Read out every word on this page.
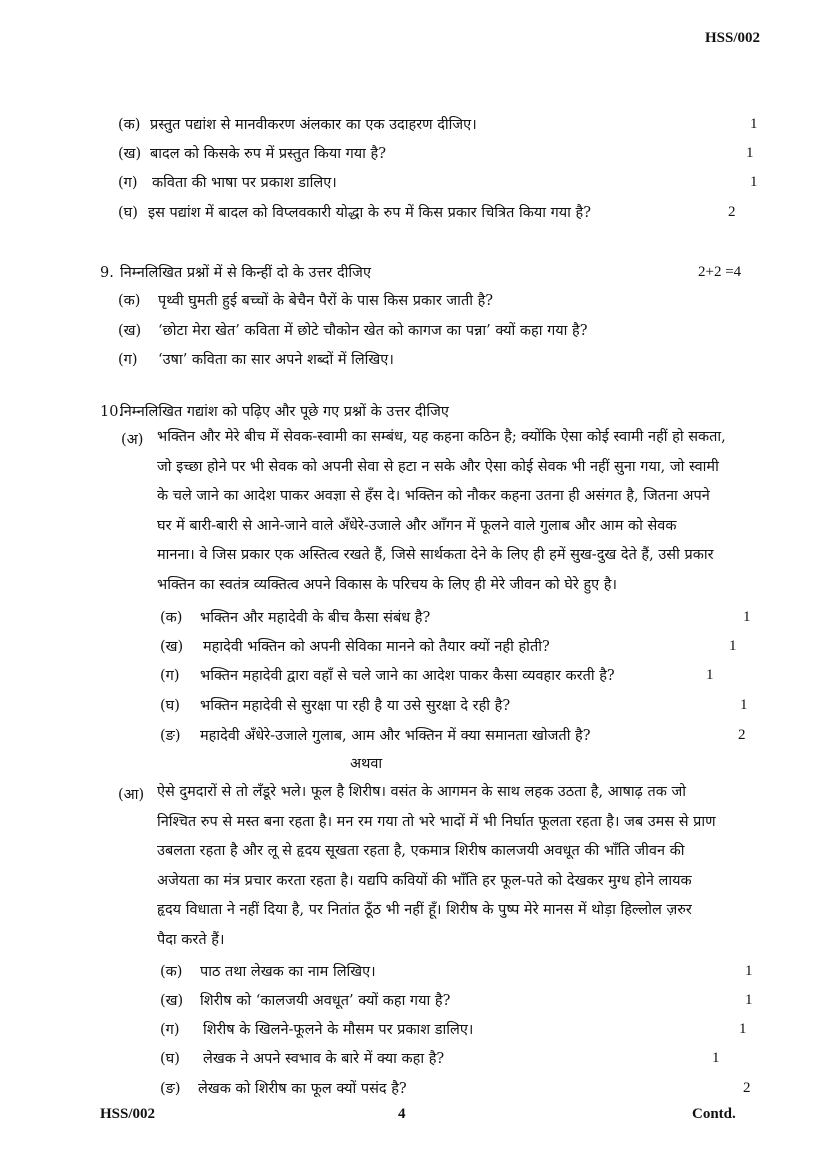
HSS/002
(क) प्रस्तुत पद्यांश से मानवीकरण अंलकार का एक उदाहरण दीजिए।	1
(ख) बादल को किसके रुप में प्रस्तुत किया गया है?	1
(ग) कविता की भाषा पर प्रकाश डालिए।	1
(घ) इस पद्यांश में बादल को विप्लवकारी योद्धा के रुप में किस प्रकार चित्रित किया गया है?	2
9. निम्नलिखित प्रश्नों में से किन्हीं दो के उत्तर दीजिए	2+2 =4
(क) पृथ्वी घुमती हुई बच्चों के बेचैन पैरों के पास किस प्रकार जाती है?
(ख) ‘छोटा मेरा खेत’ कविता में छोटे चौकोन खेत को कागज का पन्ना’ क्यों कहा गया है?
(ग) ‘उषा’ कविता का सार अपने शब्दों में लिखिए।
10.निम्नलिखित गद्यांश को पढ़िए और पूछे गए प्रश्नों के उत्तर दीजिए
(अ) भक्तिन और मेरे बीच में सेवक-स्वामी का सम्बंध, यह कहना कठिन है; क्योंकि ऐसा कोई स्वामी नहीं हो सकता,
जो इच्छा होने पर भी सेवक को अपनी सेवा से हटा न सके और ऐसा कोई सेवक भी नहीं सुना गया, जो स्वामी
के चले जाने का आदेश पाकर अवज्ञा से हँस दे। भक्तिन को नौकर कहना उतना ही असंगत है, जितना अपने
घर में बारी-बारी से आने-जाने वाले अँधेरे-उजाले और आँगन में फूलने वाले गुलाब और आम को सेवक
मानना। वे जिस प्रकार एक अस्तित्व रखते हैं, जिसे सार्थकता देने के लिए ही हमें सुख-दुख देते हैं, उसी प्रकार
भक्तिन का स्वतंत्र व्यक्तित्व अपने विकास के परिचय के लिए ही मेरे जीवन को घेरे हुए है।
(क) भक्तिन और महादेवी के बीच कैसा संबंध है?	1
(ख) महादेवी भक्तिन को अपनी सेविका मानने को तैयार क्यों नही होती?	1
(ग) भक्तिन महादेवी द्वारा वहाँ से चले जाने का आदेश पाकर कैसा व्यवहार करती है?	1
(घ) भक्तिन महादेवी से सुरक्षा पा रही है या उसे सुरक्षा दे रही है?	1
(ङ) महादेवी अँधेरे-उजाले गुलाब, आम और भक्तिन में क्या समानता खोजती है?	2
अथवा
(आ) ऐसे दुमदारों से तो लँडूरे भले। फूल है शिरीष। वसंत के आगमन के साथ लहक उठता है, आषाढ़ तक जो
निश्चित रुप से मस्त बना रहता है। मन रम गया तो भरे भादों में भी निर्घात फूलता रहता है। जब उमस से प्राण
उबलता रहता है और लू से हृदय सूखता रहता है, एकमात्र शिरीष कालजयी अवधूत की भाँति जीवन की
अजेयता का मंत्र प्रचार करता रहता है। यद्यपि कवियों की भाँति हर फूल-पते को देखकर मुग्ध होने लायक
हृदय विधाता ने नहीं दिया है, पर नितांत ठूँठ भी नहीं हूँ। शिरीष के पुष्प मेरे मानस में थोड़ा हिल्लोल ज़रुर
पैदा करते हैं।
(क) पाठ तथा लेखक का नाम लिखिए।	1
(ख) शिरीष को ‘कालजयी अवधूत’ क्यों कहा गया है?	1
(ग) शिरीष के खिलने-फूलने के मौसम पर प्रकाश डालिए।	1
(घ) लेखक ने अपने स्वभाव के बारे में क्या कहा है?	1
(ङ) लेखक को शिरीष का फूल क्यों पसंद है?	2
HSS/002	4	Contd.
